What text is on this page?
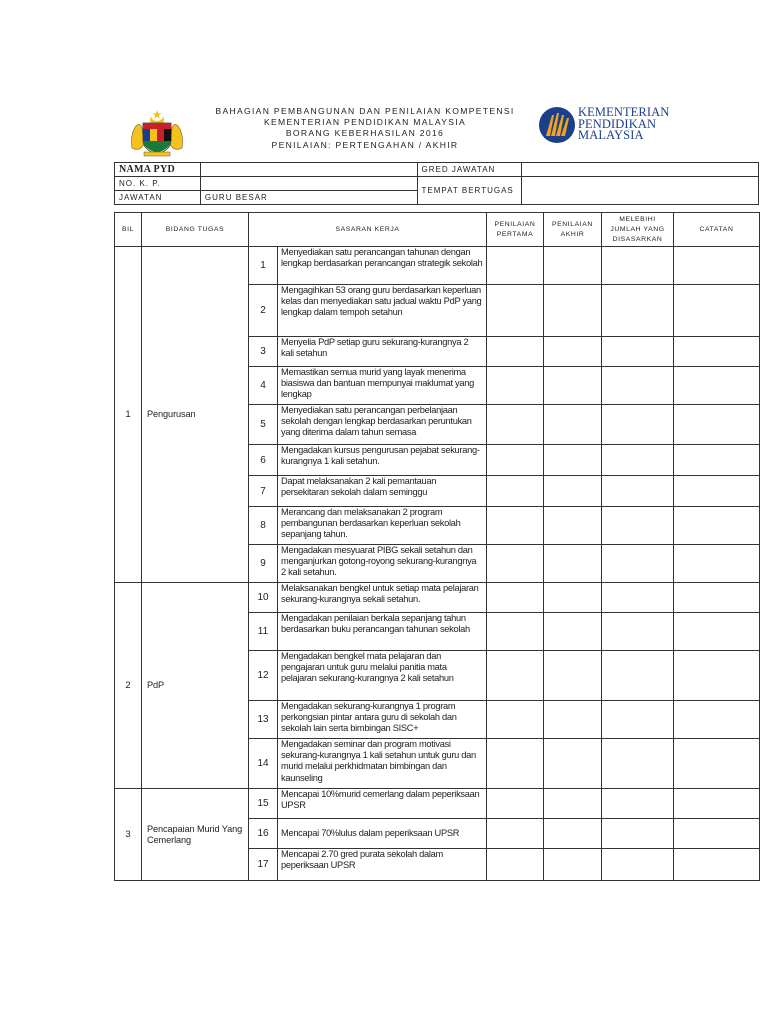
BAHAGIAN PEMBANGUNAN DAN PENILAIAN KOMPETENSI
KEMENTERIAN PENDIDIKAN MALAYSIA
BORANG KEBERHASILAN 2016
PENILAIAN: PERTENGAHAN / AKHIR
KEMENTERIAN
PENDIDIKAN
MALAYSIA
NAMA PYD		GRED JAWATAN	
NO. K. P.		TEMPAT BERTUGAS	
JAWATAN	GURU BESAR		
BIL	BIDANG TUGAS	SASARAN KERJA		PENILAIAN PERTAMA	PENILAIAN AKHIR	MELEBIHI JUMLAH YANG DISASARKAN	CATATAN
1	Pengurusan	1	Menyediakan satu perancangan tahunan dengan lengkap berdasarkan perancangan strategik sekolah				
		2	Mengagihkan 53 orang guru berdasarkan keperluan kelas dan menyediakan satu jadual waktu PdP yang lengkap dalam tempoh setahun				
		3	Menyelia PdP setiap guru sekurang-kurangnya 2 kali setahun				
		4	Memastikan semua murid yang layak menerima biasiswa dan bantuan mempunyai maklumat yang lengkap				
		5	Menyediakan satu perancangan perbelanjaan sekolah dengan lengkap berdasarkan peruntukan yang diterima dalam tahun semasa				
		6	Mengadakan kursus pengurusan pejabat sekurang-kurangnya 1 kali setahun.				
		7	Dapat melaksanakan 2 kali pemantauan persekitaran sekolah dalam seminggu				
		8	Merancang dan melaksanakan 2 program pembangunan berdasarkan keperluan sekolah sepanjang tahun.				
		9	Mengadakan mesyuarat PIBG sekali setahun dan menganjurkan gotong-royong sekurang-kurangnya 2 kali setahun.				
2	PdP	10	Melaksanakan bengkel untuk setiap mata pelajaran sekurang-kurangnya sekali setahun.				
		11	Mengadakan penilaian berkala sepanjang tahun berdasarkan buku perancangan tahunan sekolah				
		12	Mengadakan bengkel mata pelajaran dan pengajaran untuk guru melalui panitia mata pelajaran sekurang-kurangnya 2 kali setahun				
		13	Mengadakan sekurang-kurangnya 1 program perkongsian pintar antara guru di sekolah dan sekolah lain serta bimbingan SISC+				
		14	Mengadakan seminar dan program motivasi sekurang-kurangnya 1 kali setahun untuk guru dan murid melalui perkhidmatan bimbingan dan kaunseling				
3	Pencapaian Murid Yang Cemerlang	15	Mencapai 10%murid cemerlang dalam peperiksaan UPSR				
		16	Mencapai 70%lulus dalam peperiksaan UPSR				
		17	Mencapai 2.70 gred purata sekolah dalam peperiksaan UPSR				
